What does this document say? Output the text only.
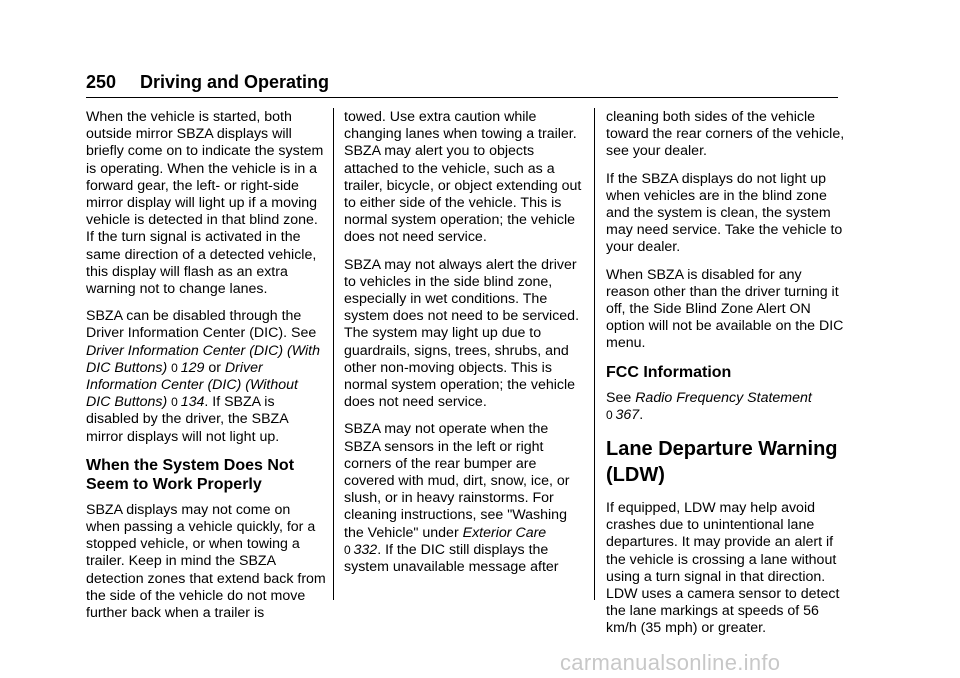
250 Driving and Operating

When the vehicle is started, both outside mirror SBZA displays will briefly come on to indicate the system is operating. When the vehicle is in a forward gear, the left- or right-side mirror display will light up if a moving vehicle is detected in that blind zone. If the turn signal is activated in the same direction of a detected vehicle, this display will flash as an extra warning not to change lanes.

SBZA can be disabled through the Driver Information Center (DIC). See Driver Information Center (DIC) (With DIC Buttons) 0  129 or Driver Information Center (DIC) (Without DIC Buttons) 0  134. If SBZA is disabled by the driver, the SBZA mirror displays will not light up.

When the System Does Not Seem to Work Properly

SBZA displays may not come on when passing a vehicle quickly, for a stopped vehicle, or when towing a trailer. Keep in mind the SBZA detection zones that extend back from the side of the vehicle do not move further back when a trailer is

towed. Use extra caution while changing lanes when towing a trailer. SBZA may alert you to objects attached to the vehicle, such as a trailer, bicycle, or object extending out to either side of the vehicle. This is normal system operation; the vehicle does not need service.

SBZA may not always alert the driver to vehicles in the side blind zone, especially in wet conditions. The system does not need to be serviced. The system may light up due to guardrails, signs, trees, shrubs, and other non-moving objects. This is normal system operation; the vehicle does not need service.

SBZA may not operate when the SBZA sensors in the left or right corners of the rear bumper are covered with mud, dirt, snow, ice, or slush, or in heavy rainstorms. For cleaning instructions, see "Washing the Vehicle" under Exterior Care
0  332. If the DIC still displays the system unavailable message after

cleaning both sides of the vehicle toward the rear corners of the vehicle, see your dealer.

If the SBZA displays do not light up when vehicles are in the blind zone and the system is clean, the system may need service. Take the vehicle to your dealer.

When SBZA is disabled for any reason other than the driver turning it off, the Side Blind Zone Alert ON option will not be available on the DIC menu.

FCC Information

See Radio Frequency Statement
0  367.

Lane Departure Warning (LDW)

If equipped, LDW may help avoid crashes due to unintentional lane departures. It may provide an alert if the vehicle is crossing a lane without using a turn signal in that direction. LDW uses a camera sensor to detect the lane markings at speeds of 56 km/h (35 mph) or greater.

carmanualsonline.info
